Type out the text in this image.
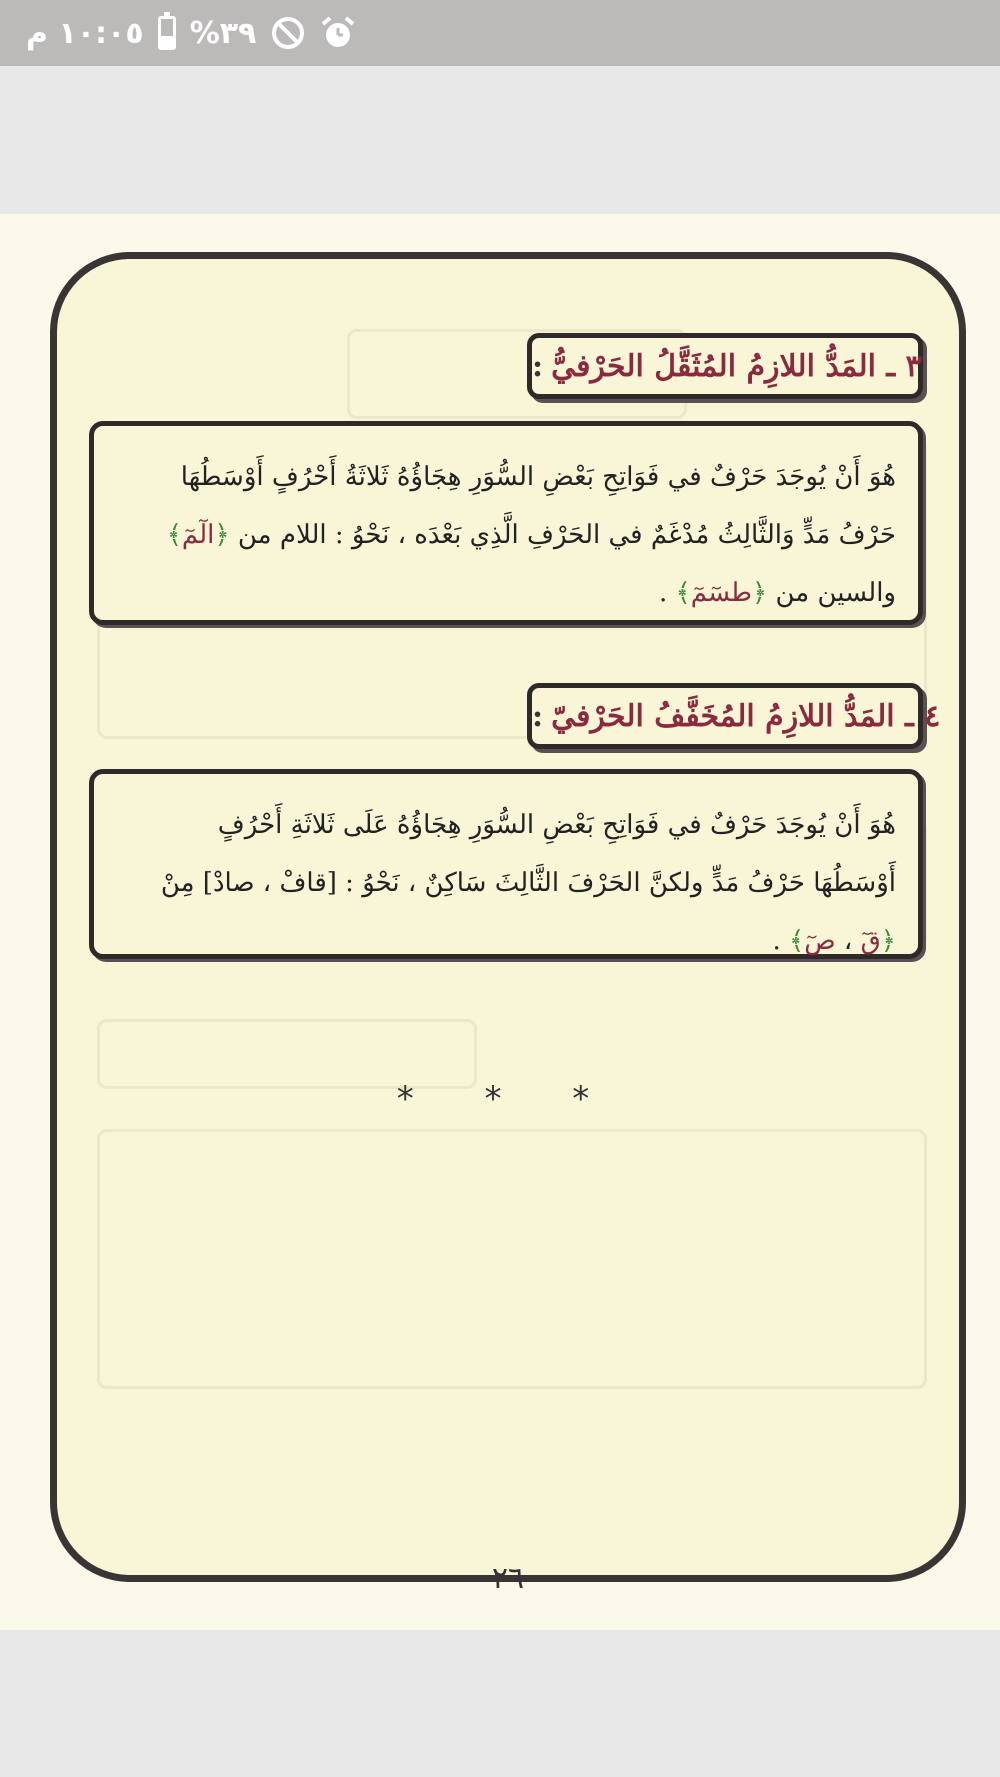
١٠:٠٥ م %٣٩
٣ ـ المَدُّ اللازِمُ المُثَقَّلُ الحَرْفيُّ:
هُوَ أَنْ يُوجَدَ حَرْفٌ في فَوَاتِحِ بَعْضِ السُّوَرِ هِجَاؤُهُ ثَلاثَةُ أَحْرُفٍ أَوْسَطُهَا
حَرْفُ مَدٍّ وَالثَّالِثُ مُدْغَمٌ في الحَرْفِ الَّذِي بَعْدَه ، نَحْوُ : اللام من ﴿الٓمٓ﴾
والسين من ﴿طسٓمٓ﴾ .
٤ ـ المَدُّ اللازِمُ المُخَفَّفُ الحَرْفيّ:
هُوَ أَنْ يُوجَدَ حَرْفٌ في فَوَاتِحِ بَعْضِ السُّوَرِ هِجَاؤُهُ عَلَى ثَلاثَةِ أَحْرُفٍ
أَوْسَطُهَا حَرْفُ مَدٍّ ولكنَّ الحَرْفَ الثَّالِثَ سَاكِنٌ ، نَحْوُ : [قافْ ، صادْ] مِنْ
﴿قٓ ، صٓ﴾ .
* * *
٢٦
